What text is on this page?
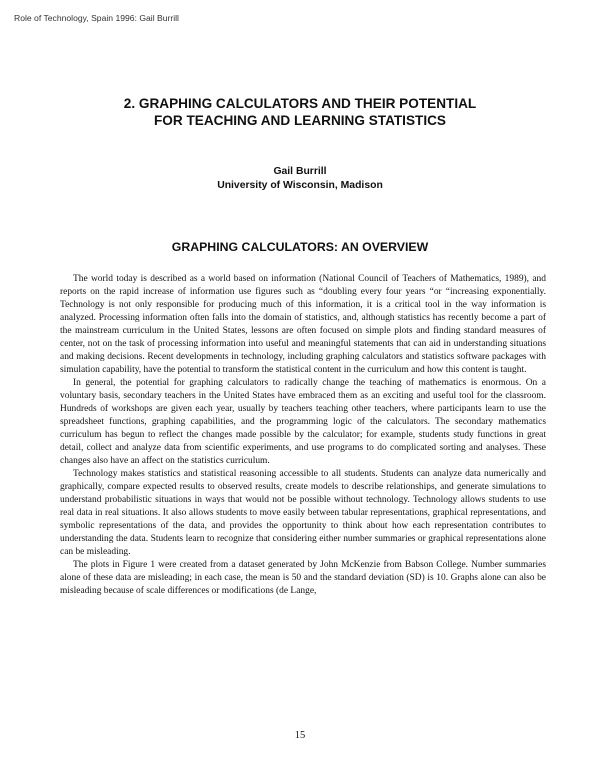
Role of Technology, Spain 1996: Gail Burrill
2. GRAPHING CALCULATORS AND THEIR POTENTIAL
FOR TEACHING AND LEARNING STATISTICS
Gail Burrill
University of Wisconsin, Madison
GRAPHING CALCULATORS: AN OVERVIEW

The world today is described as a world based on information (National Council of Teachers of Mathematics, 1989), and reports on the rapid increase of information use figures such as “doubling every four years “or “increasing exponentially. Technology is not only responsible for producing much of this information, it is a critical tool in the way information is analyzed. Processing information often falls into the domain of statistics, and, although statistics has recently become a part of the mainstream curriculum in the United States, lessons are often focused on simple plots and finding standard measures of center, not on the task of processing information into useful and meaningful statements that can aid in understanding situations and making decisions. Recent developments in technology, including graphing calculators and statistics software packages with simulation capability, have the potential to transform the statistical content in the curriculum and how this content is taught.

In general, the potential for graphing calculators to radically change the teaching of mathematics is enormous. On a voluntary basis, secondary teachers in the United States have embraced them as an exciting and useful tool for the classroom. Hundreds of workshops are given each year, usually by teachers teaching other teachers, where participants learn to use the spreadsheet functions, graphing capabilities, and the programming logic of the calculators. The secondary mathematics curriculum has begun to reflect the changes made possible by the calculator; for example, students study functions in great detail, collect and analyze data from scientific experiments, and use programs to do complicated sorting and analyses. These changes also have an affect on the statistics curriculum.

Technology makes statistics and statistical reasoning accessible to all students. Students can analyze data numerically and graphically, compare expected results to observed results, create models to describe relationships, and generate simulations to understand probabilistic situations in ways that would not be possible without technology. Technology allows students to use real data in real situations. It also allows students to move easily between tabular representations, graphical representations, and symbolic representations of the data, and provides the opportunity to think about how each representation contributes to understanding the data. Students learn to recognize that considering either number summaries or graphical representations alone can be misleading.

The plots in Figure 1 were created from a dataset generated by John McKenzie from Babson College. Number summaries alone of these data are misleading; in each case, the mean is 50 and the standard deviation (SD) is 10. Graphs alone can also be misleading because of scale differences or modifications (de Lange,

15
